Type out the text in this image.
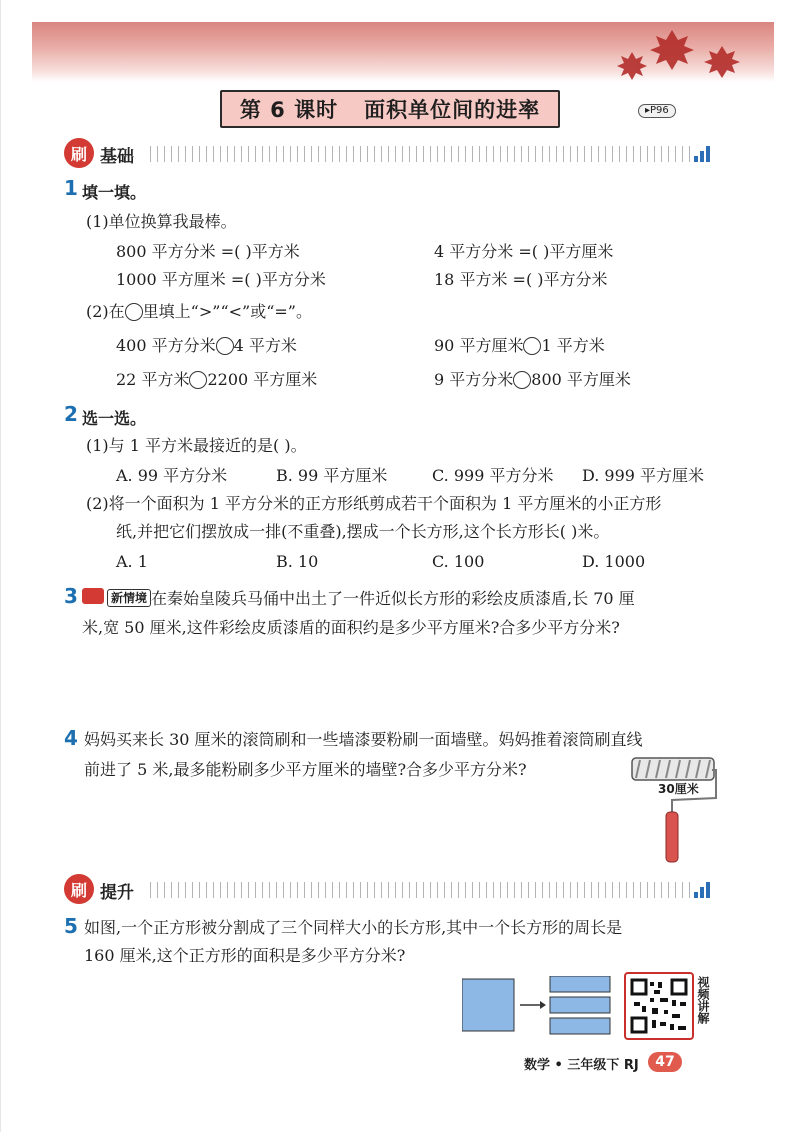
第 6 课时 面积单位间的进率	▸P96
刷 基础
1 填一填。
(1)单位换算我最棒。
800 平方分米 =( )平方米	4 平方分米 =( )平方厘米
1000 平方厘米 =( )平方分米	18 平方米 =( )平方分米
(2)在 里填上“>”“<”或“=”。
400 平方分米 4 平方米	90 平方厘米 1 平方米
22 平方米 2200 平方厘米	9 平方分米 800 平方厘米
2 选一选。
(1)与 1 平方米最接近的是( )。
A. 99 平方分米	B. 99 平方厘米	C. 999 平方分米 D. 999 平方厘米
(2)将一个面积为 1 平方分米的正方形纸剪成若干个面积为 1 平方厘米的小正方形
纸,并把它们摆放成一排(不重叠),摆成一个长方形,这个长方形长( )米。
A. 1	B. 10	C. 100	D. 1000
3	新情境 在秦始皇陵兵马俑中出土了一件近似长方形的彩绘皮质漆盾,长 70 厘
米,宽 50 厘米,这件彩绘皮质漆盾的面积约是多少平方厘米?合多少平方分米?
4 妈妈买来长 30 厘米的滚筒刷和一些墙漆要粉刷一面墙壁。妈妈推着滚筒刷直线
前进了 5 米,最多能粉刷多少平方厘米的墙壁?合多少平方分米?
30厘米
刷 提升
5 如图,一个正方形被分割成了三个同样大小的长方形,其中一个长方形的周长是
160 厘米,这个正方形的面积是多少平方分米?
视频讲解
数学 • 三年级下 RJ	47
